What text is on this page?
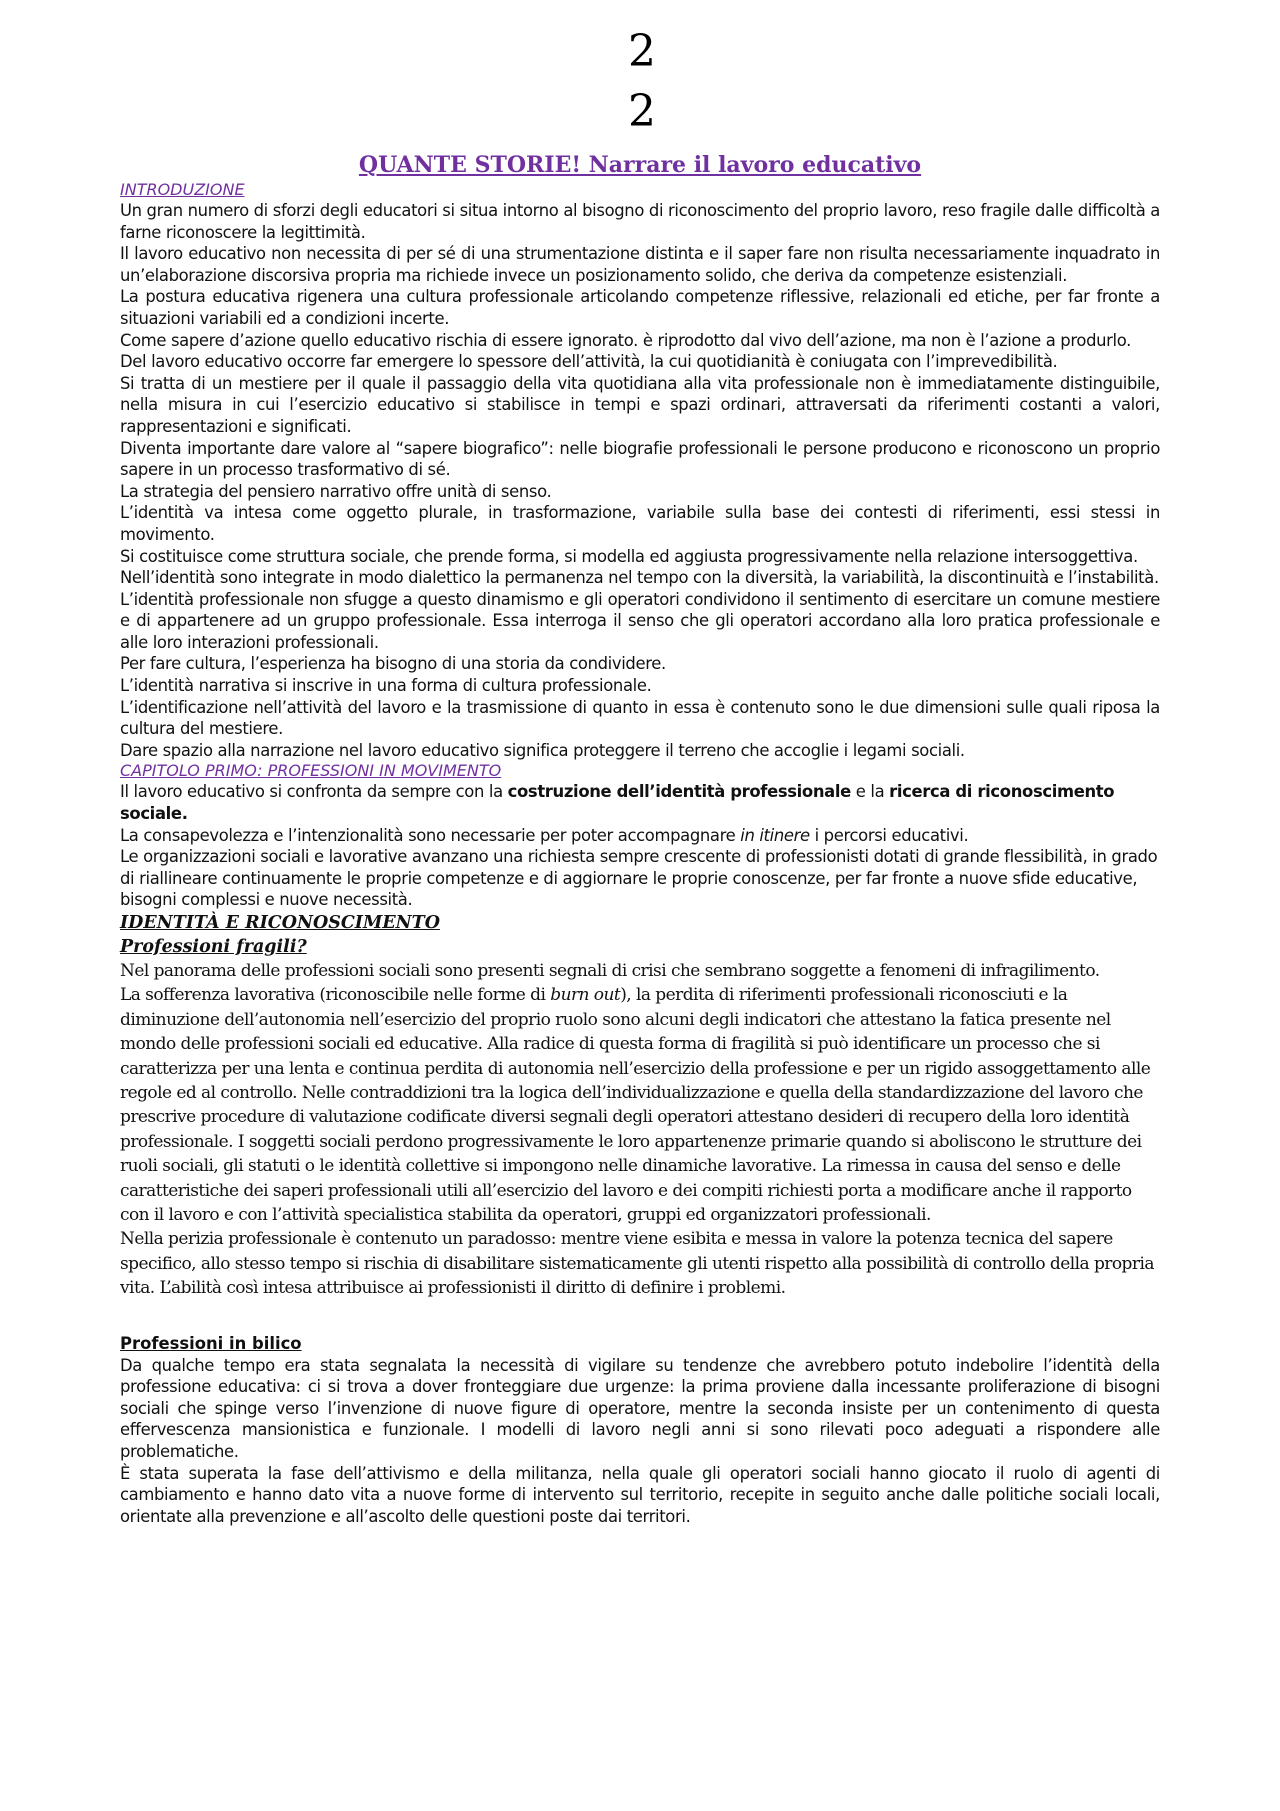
2
2
QUANTE STORIE! Narrare il lavoro educativo
INTRODUZIONE

Un gran numero di sforzi degli educatori si situa intorno al bisogno di riconoscimento del proprio lavoro, reso fragile dalle difficoltà a farne riconoscere la legittimità.

Il lavoro educativo non necessita di per sé di una strumentazione distinta e il saper fare non risulta necessariamente inquadrato in un’elaborazione discorsiva propria ma richiede invece un posizionamento solido, che deriva da competenze esistenziali.

La postura educativa rigenera una cultura professionale articolando competenze riflessive, relazionali ed etiche, per far fronte a situazioni variabili ed a condizioni incerte.

Come sapere d’azione quello educativo rischia di essere ignorato. è riprodotto dal vivo dell’azione, ma non è l’azione a produrlo.

Del lavoro educativo occorre far emergere lo spessore dell’attività, la cui quotidianità è coniugata con l’imprevedibilità.

Si tratta di un mestiere per il quale il passaggio della vita quotidiana alla vita professionale non è immediatamente distinguibile, nella misura in cui l’esercizio educativo si stabilisce in tempi e spazi ordinari, attraversati da riferimenti costanti a valori, rappresentazioni e significati.

Diventa importante dare valore al “sapere biografico”: nelle biografie professionali le persone producono e riconoscono un proprio sapere in un processo trasformativo di sé.

La strategia del pensiero narrativo offre unità di senso.

L’identità va intesa come oggetto plurale, in trasformazione, variabile sulla base dei contesti di riferimenti, essi stessi in movimento.

Si costituisce come struttura sociale, che prende forma, si modella ed aggiusta progressivamente nella relazione intersoggettiva.

Nell’identità sono integrate in modo dialettico la permanenza nel tempo con la diversità, la variabilità, la discontinuità e l’instabilità.

L’identità professionale non sfugge a questo dinamismo e gli operatori condividono il sentimento di esercitare un comune mestiere e di appartenere ad un gruppo professionale. Essa interroga il senso che gli operatori accordano alla loro pratica professionale e alle loro interazioni professionali.

Per fare cultura, l’esperienza ha bisogno di una storia da condividere.

L’identità narrativa si inscrive in una forma di cultura professionale.

L’identificazione nell’attività del lavoro e la trasmissione di quanto in essa è contenuto sono le due dimensioni sulle quali riposa la cultura del mestiere.

Dare spazio alla narrazione nel lavoro educativo significa proteggere il terreno che accoglie i legami sociali.

CAPITOLO PRIMO: PROFESSIONI IN MOVIMENTO

Il lavoro educativo si confronta da sempre con la costruzione dell’identità professionale e la ricerca di riconoscimento sociale.

La consapevolezza e l’intenzionalità sono necessarie per poter accompagnare in itinere i percorsi educativi.

Le organizzazioni sociali e lavorative avanzano una richiesta sempre crescente di professionisti dotati di grande flessibilità, in grado di riallineare continuamente le proprie competenze e di aggiornare le proprie conoscenze, per far fronte a nuove sfide educative, bisogni complessi e nuove necessità.

IDENTITÀ E RICONOSCIMENTO
Professioni fragili?

Nel panorama delle professioni sociali sono presenti segnali di crisi che sembrano soggette a fenomeni di infragilimento.

La sofferenza lavorativa (riconoscibile nelle forme di burn out), la perdita di riferimenti professionali riconosciuti e la diminuzione dell’autonomia nell’esercizio del proprio ruolo sono alcuni degli indicatori che attestano la fatica presente nel mondo delle professioni sociali ed educative. Alla radice di questa forma di fragilità si può identificare un processo che si caratterizza per una lenta e continua perdita di autonomia nell’esercizio della professione e per un rigido assoggettamento alle regole ed al controllo. Nelle contraddizioni tra la logica dell’individualizzazione e quella della standardizzazione del lavoro che prescrive procedure di valutazione codificate diversi segnali degli operatori attestano desideri di recupero della loro identità professionale. I soggetti sociali perdono progressivamente le loro appartenenze primarie quando si aboliscono le strutture dei ruoli sociali, gli statuti o le identità collettive si impongono nelle dinamiche lavorative. La rimessa in causa del senso e delle caratteristiche dei saperi professionali utili all’esercizio del lavoro e dei compiti richiesti porta a modificare anche il rapporto con il lavoro e con l’attività specialistica stabilita da operatori, gruppi ed organizzatori professionali.

Nella perizia professionale è contenuto un paradosso: mentre viene esibita e messa in valore la potenza tecnica del sapere specifico, allo stesso tempo si rischia di disabilitare sistematicamente gli utenti rispetto alla possibilità di controllo della propria vita. L’abilità così intesa attribuisce ai professionisti il diritto di definire i problemi.

Professioni in bilico

Da qualche tempo era stata segnalata la necessità di vigilare su tendenze che avrebbero potuto indebolire l’identità della professione educativa: ci si trova a dover fronteggiare due urgenze: la prima proviene dalla incessante proliferazione di bisogni sociali che spinge verso l’invenzione di nuove figure di operatore, mentre la seconda insiste per un contenimento di questa effervescenza mansionistica e funzionale. I modelli di lavoro negli anni si sono rilevati poco adeguati a rispondere alle problematiche.

È stata superata la fase dell’attivismo e della militanza, nella quale gli operatori sociali hanno giocato il ruolo di agenti di cambiamento e hanno dato vita a nuove forme di intervento sul territorio, recepite in seguito anche dalle politiche sociali locali, orientate alla prevenzione e all’ascolto delle questioni poste dai territori.
